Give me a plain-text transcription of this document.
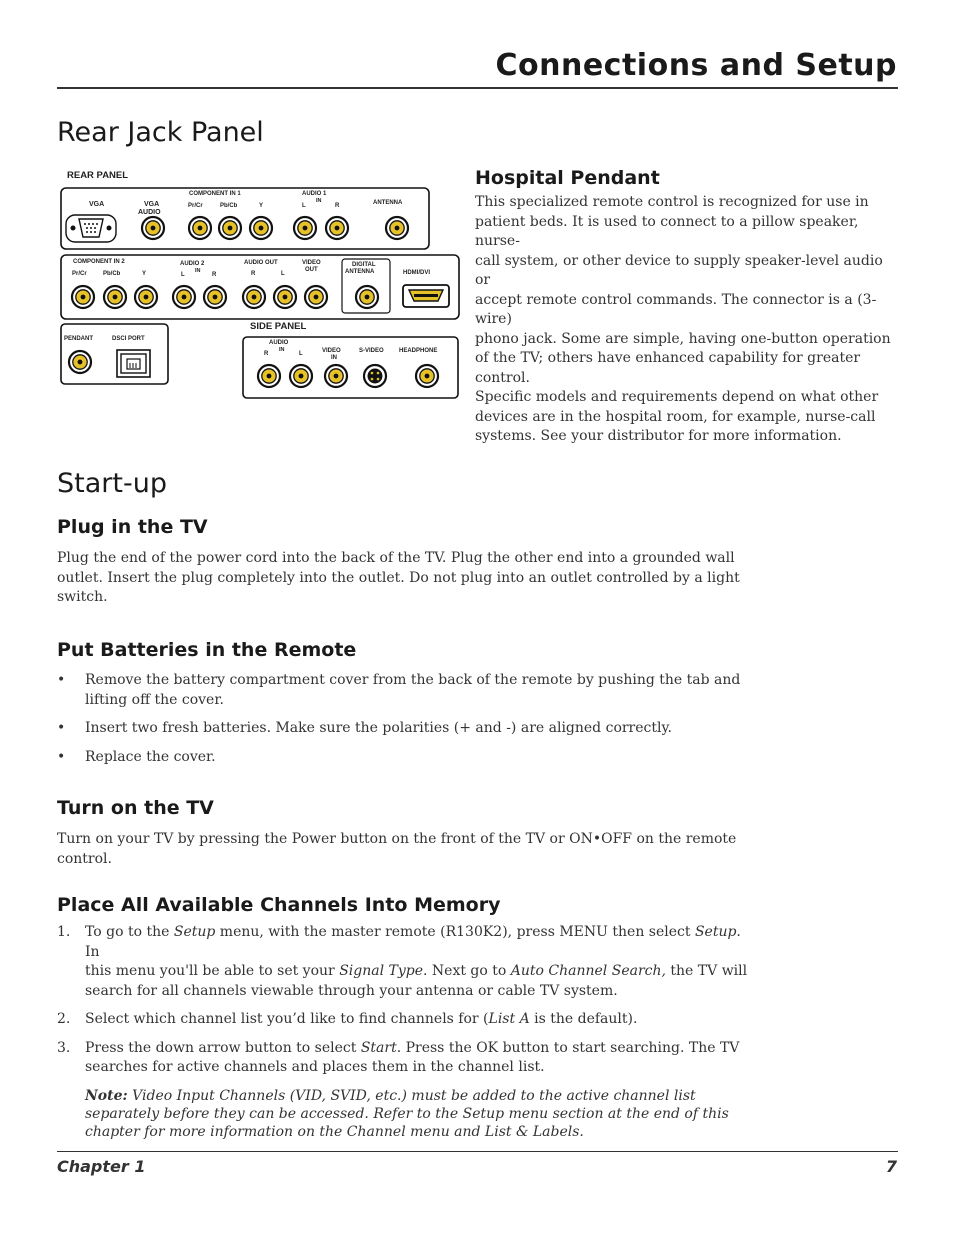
Connections and Setup
Rear Jack Panel
REAR PANEL
VGA	VGA
AUDIO
COMPONENT IN 1
Pr/Cr	Pb/Cb	Y
AUDIO 1
IN
L	R	ANTENNA
COMPONENT IN 2
Pr/Cr	Pb/Cb	Y
AUDIO 2
IN
L	R
AUDIO OUT
R	L
VIDEO
OUT
DIGITAL
ANTENNA	HDMI/DVI
PENDANT	DSCI PORT
SIDE PANEL
AUDIO
IN
R	L	VIDEO
IN
S-VIDEO	HEADPHONE
Hospital Pendant
This specialized remote control is recognized for use in
patient beds. It is used to connect to a pillow speaker, nurse-
call system, or other device to supply speaker-level audio or
accept remote control commands. The connector is a (3-wire)
phono jack. Some are simple, having one-button operation
of the TV; others have enhanced capability for greater control.
Specific models and requirements depend on what other
devices are in the hospital room, for example, nurse-call
systems. See your distributor for more information.
Start-up
Plug in the TV
Plug the end of the power cord into the back of the TV. Plug the other end into a grounded wall
outlet. Insert the plug completely into the outlet. Do not plug into an outlet controlled by a light
switch.
Put Batteries in the Remote
• Remove the battery compartment cover from the back of the remote by pushing the tab and
lifting off the cover.
• Insert two fresh batteries. Make sure the polarities (+ and -) are aligned correctly.
• Replace the cover.
Turn on the TV
Turn on your TV by pressing the Power button on the front of the TV or ON•OFF on the remote
control.
Place All Available Channels Into Memory
1. To go to the Setup menu, with the master remote (R130K2), press MENU then select Setup. In
this menu you'll be able to set your Signal Type. Next go to Auto Channel Search, the TV will
search for all channels viewable through your antenna or cable TV system.
2. Select which channel list you’d like to find channels for (List A is the default).
3. Press the down arrow button to select Start. Press the OK button to start searching. The TV
searches for active channels and places them in the channel list.
Note: Video Input Channels (VID, SVID, etc.) must be added to the active channel list
separately before they can be accessed. Refer to the Setup menu section at the end of this
chapter for more information on the Channel menu and List & Labels.
Chapter 1	7
